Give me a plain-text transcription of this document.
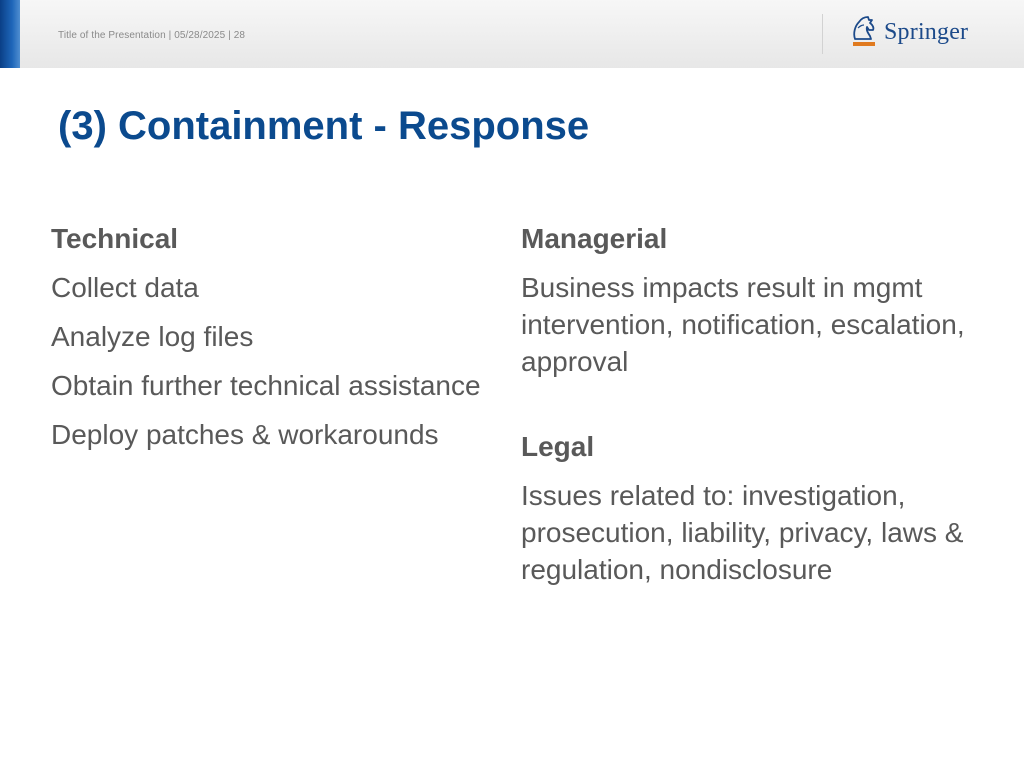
Title of the Presentation | 05/28/2025 | 28	Springer
(3) Containment - Response
Technical
Collect data
Analyze log files
Obtain further technical assistance
Deploy patches & workarounds
Managerial
Business impacts result in mgmt intervention, notification, escalation, approval
Legal
Issues related to: investigation, prosecution, liability, privacy, laws & regulation, nondisclosure
